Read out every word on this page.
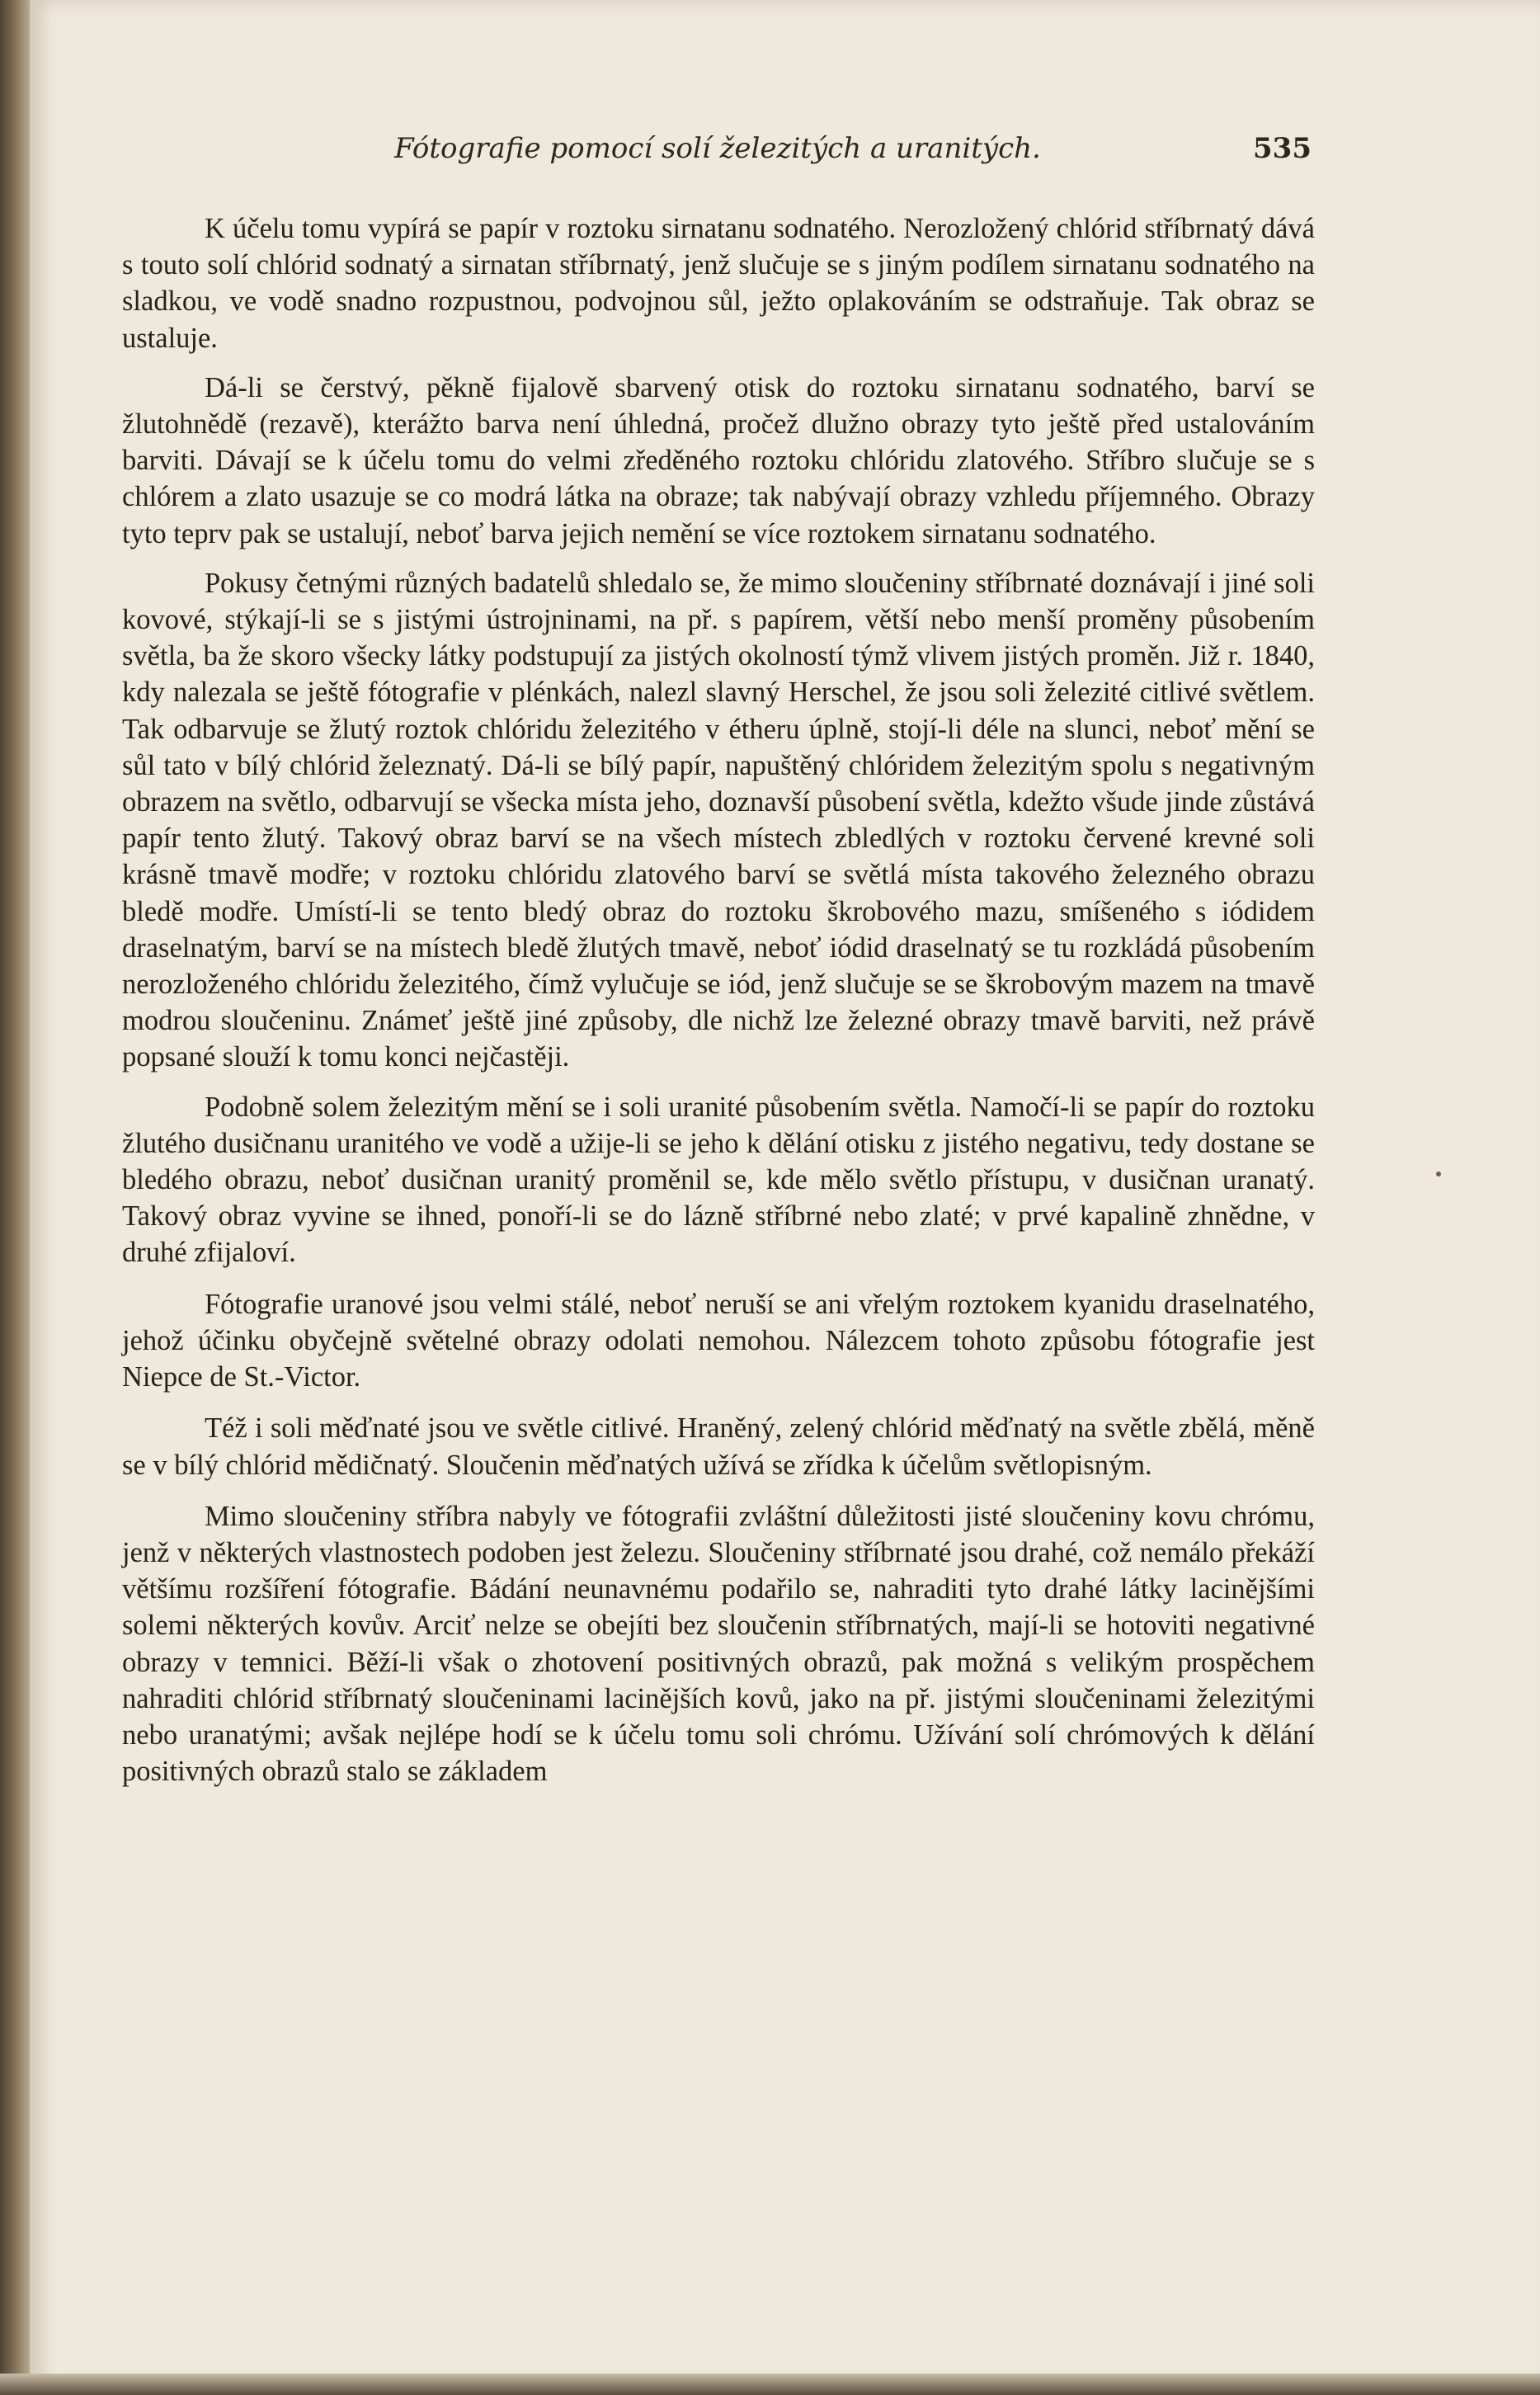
Fótografie pomocí solí železitých a uranitých.	535

K účelu tomu vypírá se papír v roztoku sirnatanu sodnatého. Nerozložený chlórid stříbrnatý dává s touto solí chlórid sodnatý a sirnatan stříbrnatý, jenž slučuje se s jiným podílem sirnatanu sodnatého na sladkou, ve vodě snadno rozpustnou, podvojnou sůl, ježto oplakováním se odstraňuje. Tak obraz se ustaluje.

Dá-li se čerstvý, pěkně fijalově sbarvený otisk do roztoku sirnatanu sodnatého, barví se žlutohnědě (rezavě), kterážto barva není úhledná, pročež dlužno obrazy tyto ještě před ustalováním barviti. Dávají se k účelu tomu do velmi zředěného roztoku chlóridu zlatového. Stříbro slučuje se s chlórem a zlato usazuje se co modrá látka na obraze; tak nabývají obrazy vzhledu příjemného. Obrazy tyto teprv pak se ustalují, neboť barva jejich nemění se více roztokem sirnatanu sodnatého.

Pokusy četnými různých badatelů shledalo se, že mimo sloučeniny stříbrnaté doznávají i jiné soli kovové, stýkají-li se s jistými ústrojninami, na př. s papírem, větší nebo menší proměny působením světla, ba že skoro všecky látky podstupují za jistých okolností týmž vlivem jistých proměn. Již r. 1840, kdy nalezala se ještě fótografie v plénkách, nalezl slavný Herschel, že jsou soli železité citlivé světlem. Tak odbarvuje se žlutý roztok chlóridu železitého v étheru úplně, stojí-li déle na slunci, neboť mění se sůl tato v bílý chlórid železnatý. Dá-li se bílý papír, napuštěný chlóridem železitým spolu s negativným obrazem na světlo, odbarvují se všecka místa jeho, doznavší působení světla, kdežto všude jinde zůstává papír tento žlutý. Takový obraz barví se na všech místech zbledlých v roztoku červené krevné soli krásně tmavě modře; v roztoku chlóridu zlatového barví se světlá místa takového železného obrazu bledě modře. Umístí-li se tento bledý obraz do roztoku škrobového mazu, smíšeného s iódidem draselnatým, barví se na místech bledě žlutých tmavě, neboť iódid draselnatý se tu rozkládá působením nerozloženého chlóridu železitého, čímž vylučuje se iód, jenž slučuje se se škrobovým mazem na tmavě modrou sloučeninu. Známeť ještě jiné způsoby, dle nichž lze železné obrazy tmavě barviti, než právě popsané slouží k tomu konci nejčastěji.

Podobně solem železitým mění se i soli uranité působením světla. Namočí-li se papír do roztoku žlutého dusičnanu uranitého ve vodě a užije-li se jeho k dělání otisku z jistého negativu, tedy dostane se bledého obrazu, neboť dusičnan uranitý proměnil se, kde mělo světlo přístupu, v dusičnan uranatý. Takový obraz vyvine se ihned, ponoří-li se do lázně stříbrné nebo zlaté; v prvé kapalině zhnědne, v druhé zfijaloví.

Fótografie uranové jsou velmi stálé, neboť neruší se ani vřelým roztokem kyanidu draselnatého, jehož účinku obyčejně světelné obrazy odolati nemohou. Nálezcem tohoto způsobu fótografie jest Niepce de St.-Victor.

Též i soli měďnaté jsou ve světle citlivé. Hraněný, zelený chlórid měďnatý na světle zbělá, měně se v bílý chlórid mědičnatý. Sloučenin měďnatých užívá se zřídka k účelům světlopisným.

Mimo sloučeniny stříbra nabyly ve fótografii zvláštní důležitosti jisté sloučeniny kovu chrómu, jenž v některých vlastnostech podoben jest železu. Sloučeniny stříbrnaté jsou drahé, což nemálo překáží většímu rozšíření fótografie. Bádání neunavnému podařilo se, nahraditi tyto drahé látky lacinějšími solemi některých kovův. Arciť nelze se obejíti bez sloučenin stříbrnatých, mají-li se hotoviti negativné obrazy v temnici. Běží-li však o zhotovení positivných obrazů, pak možná s velikým prospěchem nahraditi chlórid stříbrnatý sloučeninami lacinějších kovů, jako na př. jistými sloučeninami železitými nebo uranatými; avšak nejlépe hodí se k účelu tomu soli chrómu. Užívání solí chrómových k dělání positivných obrazů stalo se základem
